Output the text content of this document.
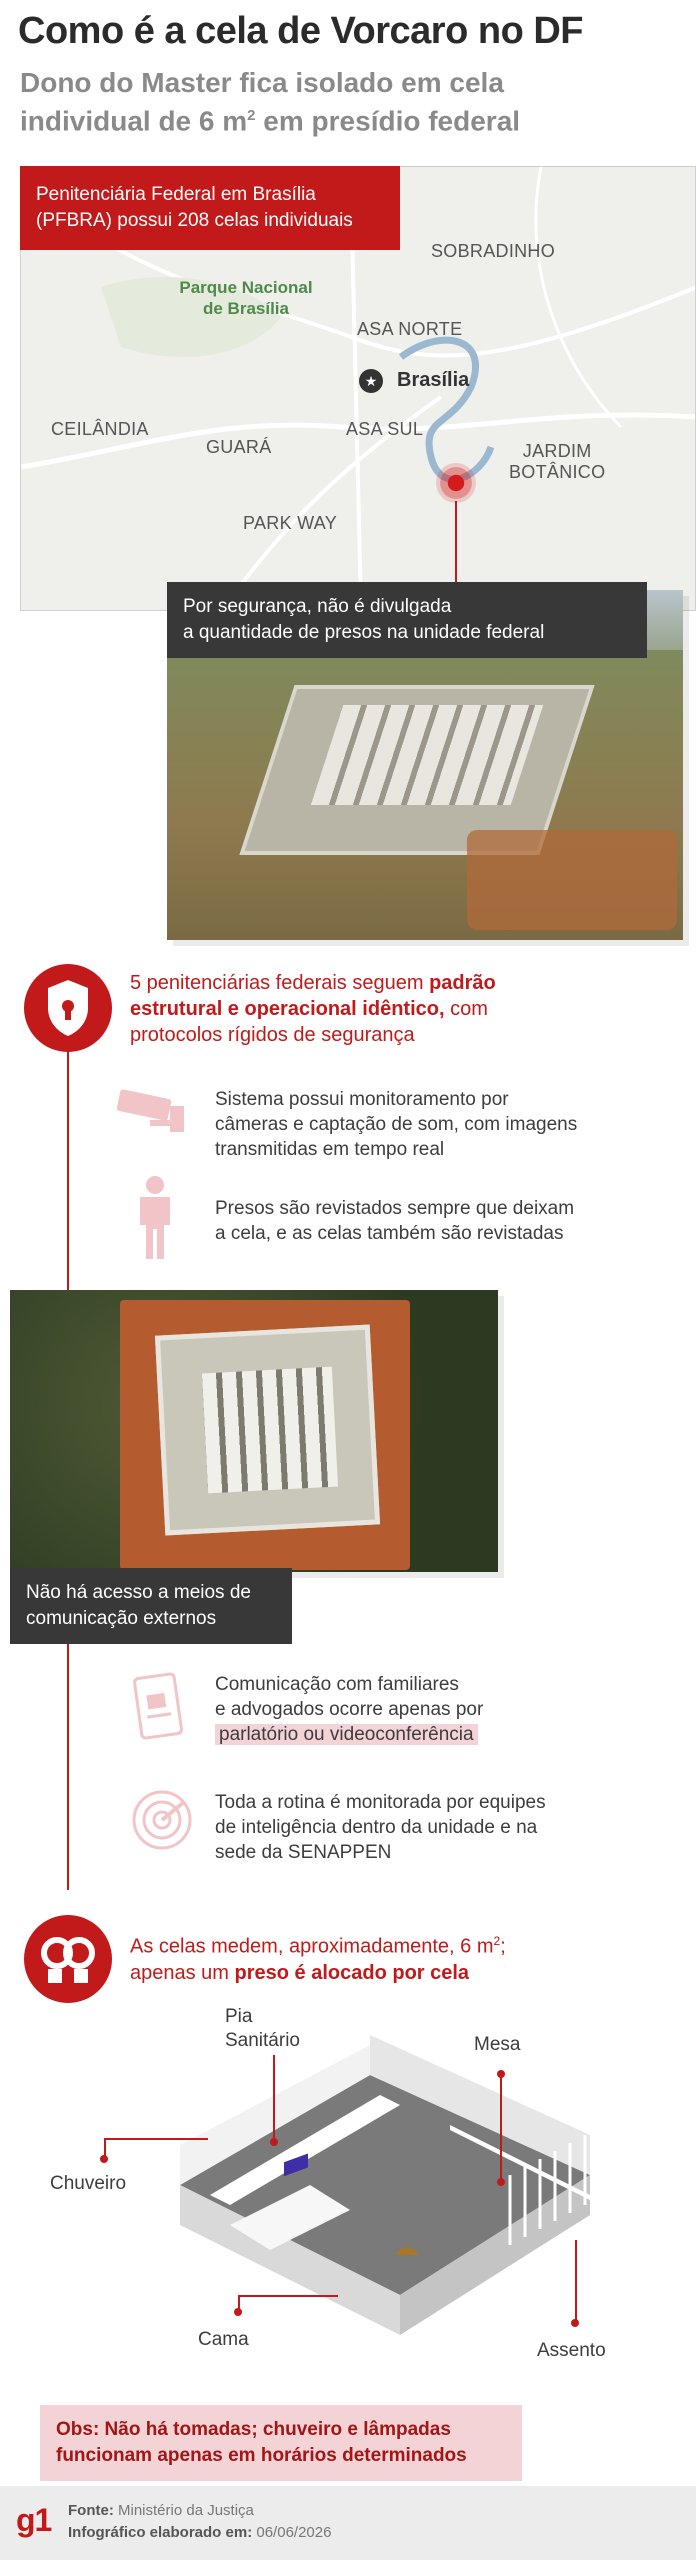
Como é a cela de Vorcaro no DF
Dono do Master fica isolado em cela
individual de 6 $m^2$ em presídio federal
Parque Nacional
de Brasília
SOBRADINHO
ASA NORTE
★ Brasília
CEILÂNDIA
GUARÁ
ASA SUL
JARDIM
BOTÂNICO
PARK WAY
Penitenciária Federal em Brasília
(PFBRA) possui 208 celas individuais
Por segurança, não é divulgada
a quantidade de presos na unidade federal
5 penitenciárias federais seguem padrão
estrutural e operacional idêntico, com
protocolos rígidos de segurança
Sistema possui monitoramento por
câmeras e captação de som, com imagens
transmitidas em tempo real
Presos são revistados sempre que deixam
a cela, e as celas também são revistadas
Não há acesso a meios de
comunicação externos
Comunicação com familiares
e advogados ocorre apenas por
parlatório ou videoconferência
Toda a rotina é monitorada por equipes
de inteligência dentro da unidade e na
sede da SENAPPEN
As celas medem, aproximadamente, 6 $m^2$;
apenas um preso é alocado por cela
Pia
Sanitário	Mesa
Chuveiro
Cama
Assento
Obs: Não há tomadas; chuveiro e lâmpadas
funcionam apenas em horários determinados
g1 Fonte: Ministério da Justiça
Infográfico elaborado em: 06/06/2026
